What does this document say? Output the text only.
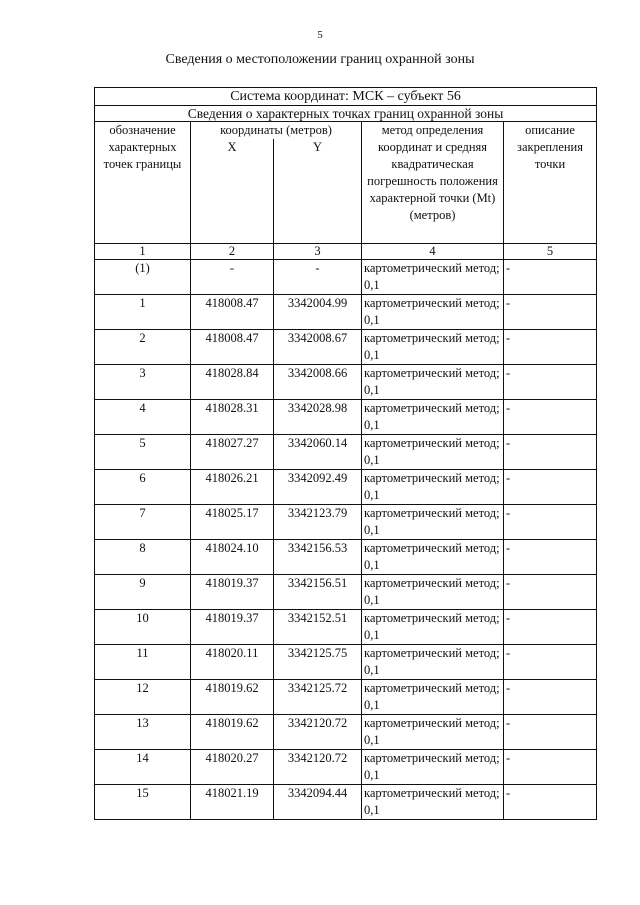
5
Сведения о местоположении границ охранной зоны
Система координат: МСК – субъект 56				
Сведения о характерных точках границ охранной зоны				
обозначение характерных точек границы	координаты (метров)		метод определения координат и средняя квадратическая погрешность положения характерной точки (Mt) (метров)	описание закрепления точки
	X	Y		
1	2	3	4	5
(1)	-	-	картометрический метод; 0,1	-
1	418008.47	3342004.99	картометрический метод; 0,1	-
2	418008.47	3342008.67	картометрический метод; 0,1	-
3	418028.84	3342008.66	картометрический метод; 0,1	-
4	418028.31	3342028.98	картометрический метод; 0,1	-
5	418027.27	3342060.14	картометрический метод; 0,1	-
6	418026.21	3342092.49	картометрический метод; 0,1	-
7	418025.17	3342123.79	картометрический метод; 0,1	-
8	418024.10	3342156.53	картометрический метод; 0,1	-
9	418019.37	3342156.51	картометрический метод; 0,1	-
10	418019.37	3342152.51	картометрический метод; 0,1	-
11	418020.11	3342125.75	картометрический метод; 0,1	-
12	418019.62	3342125.72	картометрический метод; 0,1	-
13	418019.62	3342120.72	картометрический метод; 0,1	-
14	418020.27	3342120.72	картометрический метод; 0,1	-
15	418021.19	3342094.44	картометрический метод; 0,1	-
